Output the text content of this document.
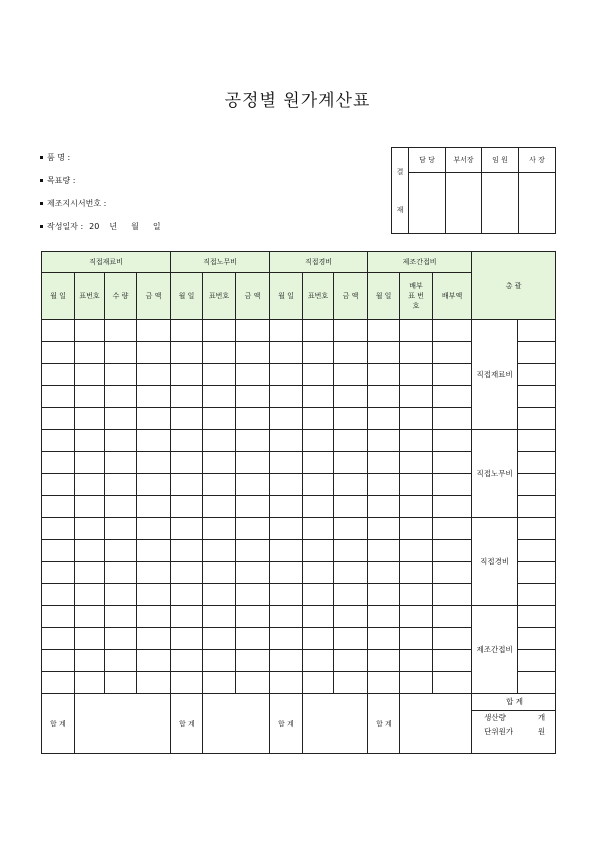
공정별 원가계산표
품 명 :
목표량 :
제조지시서번호 :
작성일자 : 20 년 월 일
결
재	담 당	부서장	임 원	사 장

직접재료비				직접노무비			직접경비			제조간접비			총 괄	
월 일	표번호	수 량	금 액	월 일	표번호	금 액	월 일	표번호	금 액	월 일	배부표 번 호	배부액		
													직접재료비	

													직접노무비	

													직접경비	

													제조간접비	

합 계				합 계			합 계			합 계			합 계
생산량 개
단위원가 원	
